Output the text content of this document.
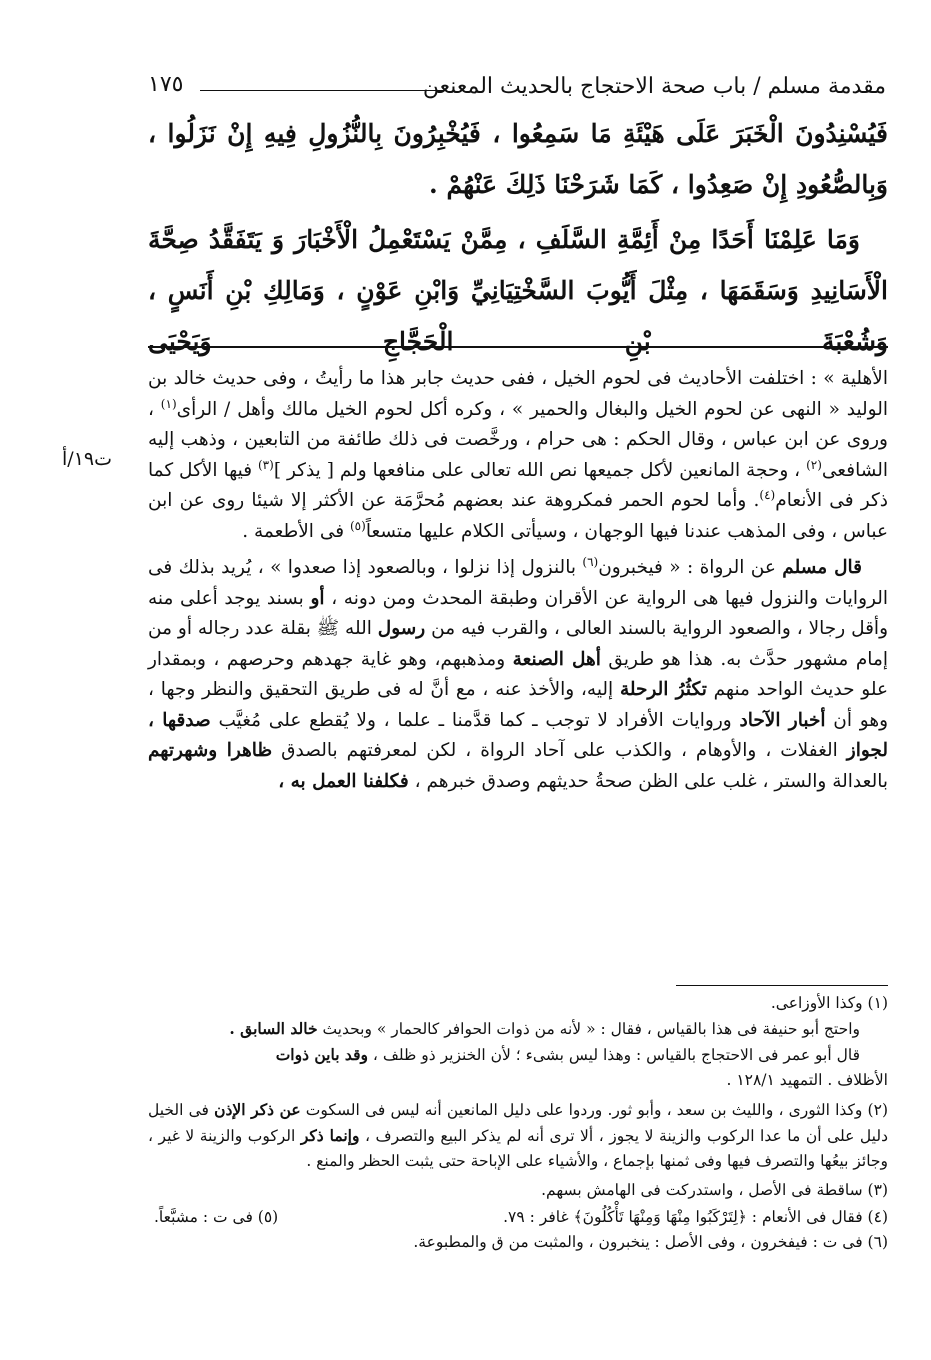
مقدمة مسلم / باب صحة الاحتجاج بالحديث المعنعن
١٧٥

فَيُسْنِدُونَ الْخَبَرَ عَلَى هَيْئَةِ مَا سَمِعُوا ، فَيُخْبِرُونَ بِالنُّزُولِ فِيهِ إِنْ نَزَلُوا ، وَبِالصُّعُودِ إِنْ صَعِدُوا ، كَمَا شَرَحْنَا ذَلِكَ عَنْهُمْ .

وَمَا عَلِمْنَا أَحَدًا مِنْ أَئِمَّةِ السَّلَفِ ، مِمَّنْ يَسْتَعْمِلُ الْأَخْبَارَ وَ يَتَفَقَّدُ صِحَّةَ الْأَسَانِيدِ وَسَقَمَهَا ، مِثْلَ أَيُّوبَ السَّخْتِيَانِيِّ وَابْنِ عَوْنٍ ، وَمَالِكِ بْنِ أَنَسٍ ، وَشُعْبَةَ بْنِ الْحَجَّاجِ وَيَحْيَى

الأهلية » : اختلفت الأحاديث فى لحوم الخيل ، ففى حديث جابر هذا ما رأيتُ ، وفى حديث خالد بن الوليد « النهى عن لحوم الخيل والبغال والحمير » ، وكره أكل لحوم الخيل مالك وأهل / الرأى$^{(١)}$ ، وروى عن ابن عباس ، وقال الحكم : هى حرام ، ورخَّصت فى ذلك طائفة من التابعين ، وذهب إليه الشافعى$^{(٢)}$ ، وحجة المانعين لأكل جميعها نص الله تعالى على منافعها ولم [ يذكر ]$^{(٣)}$ فيها الأكل كما ذكر فى الأنعام$^{(٤)}$. وأما لحوم الحمر فمكروهة عند بعضهم مُحرَّمَة عن الأكثر إلا شيئا روى عن ابن عباس ، وفى المذهب عندنا فيها الوجهان ، وسيأتى الكلام عليها متسعاً$^{(٥)}$ فى الأطعمة .

قال مسلم عن الرواة : « فيخبرون$^{(٦)}$ بالنزول إذا نزلوا ، وبالصعود إذا صعدوا » ، يُريد بذلك فى الروايات والنزول فيها هى الرواية عن الأقران وطبقة المحدث ومن دونه ، أو بسند يوجد أعلى منه وأقل رجالا ، والصعود الرواية بالسند العالى ، والقرب فيه من رسول الله ﷺ بقلة عدد رجاله أو من إمام مشهور حدَّث به. هذا هو طريق أهل الصنعة ومذهبهم، وهو غاية جهدهم وحرصهم ، وبمقدار علو حديث الواحد منهم تكثُرُ الرحلة إليه، والأخذ عنه ، مع أنَّ له فى طريق التحقيق والنظر وجها ، وهو أن أخبار الآحاد وروايات الأفراد لا توجب ـ كما قدَّمنا ـ علما ، ولا يُقطع على مُغيَّب صدقها ، لجواز الغفلات ، والأوهام ، والكذب على آحاد الرواة ، لكن لمعرفتهم بالصدق ظاهرا وشهرتهم بالعدالة والستر ، غلب على الظن صحةُ حديثهم وصدق خبرهم ، فكلفنا العمل به ،

ت١٩/أ

(١) وكذا الأوزاعى.

واحتج أبو حنيفة فى هذا بالقياس ، فقال : « لأنه من ذوات الحوافر كالحمار » وبحديث خالد السابق .

قال أبو عمر فى الاحتجاج بالقياس : وهذا ليس بشىء ؛ لأن الخنزير ذو ظلف ، وقد باين ذوات

الأظلاف . التمهيد ١٢٨/١ .

(٢) وكذا الثورى ، والليث بن سعد ، وأبو ثور. وردوا على دليل المانعين أنه ليس فى السكوت عن ذكر الإذن فى الخيل دليل على أن ما عدا الركوب والزينة لا يجوز ، ألا ترى أنه لم يذكر البيع والتصرف ، وإنما ذكر الركوب والزينة لا غير ، وجائز بيعُها والتصرف فيها وفى ثمنها بإجماع ، والأشياء على الإباحة حتى يثبت الحظر والمنع .

(٣) ساقطة فى الأصل ، واستدركت فى الهامش بسهم.

(٤) فقال فى الأنعام : ﴿لِتَرْكَبُوا مِنْهَا وَمِنْهَا تَأْكُلُونَ﴾ غافر : ٧٩.
(٥) فى ت : مشبَّعاً.

(٦) فى ت : فيفخرون ، وفى الأصل : ينخبرون ، والمثبت من ق والمطبوعة.
